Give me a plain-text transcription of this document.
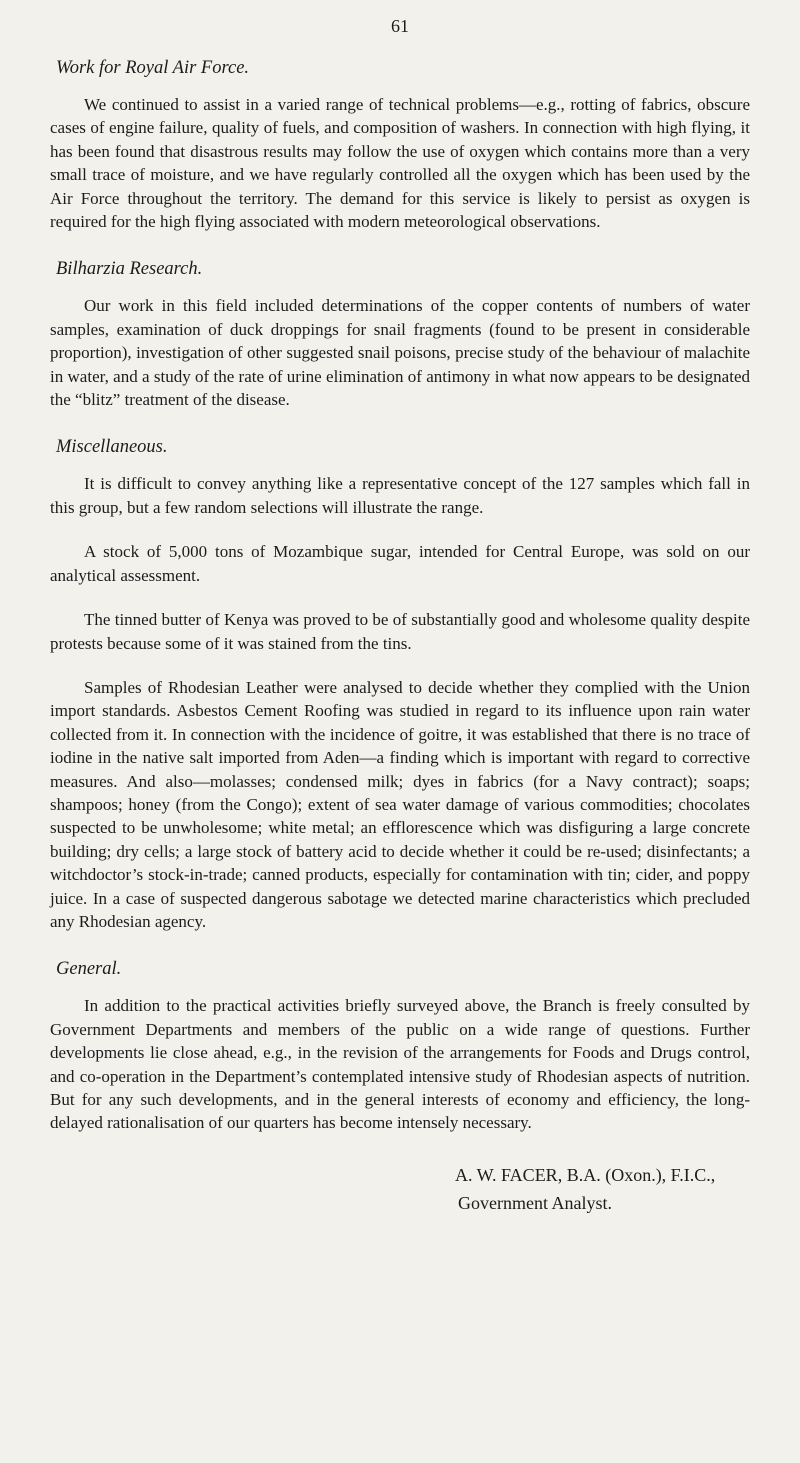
61
Work for Royal Air Force.

We continued to assist in a varied range of technical problems—e.g., rotting of fabrics, obscure cases of engine failure, quality of fuels, and composition of washers. In connection with high flying, it has been found that disastrous results may follow the use of oxygen which contains more than a very small trace of moisture, and we have regularly controlled all the oxygen which has been used by the Air Force throughout the territory. The demand for this service is likely to persist as oxygen is required for the high flying associated with modern meteorological observations.

Bilharzia Research.

Our work in this field included determinations of the copper contents of numbers of water samples, examination of duck droppings for snail fragments (found to be present in considerable proportion), investigation of other suggested snail poisons, precise study of the behaviour of malachite in water, and a study of the rate of urine elimination of antimony in what now appears to be designated the “blitz” treatment of the disease.

Miscellaneous.

It is difficult to convey anything like a representative concept of the 127 samples which fall in this group, but a few random selections will illustrate the range.

A stock of 5,000 tons of Mozambique sugar, intended for Central Europe, was sold on our analytical assessment.

The tinned butter of Kenya was proved to be of substantially good and wholesome quality despite protests because some of it was stained from the tins.

Samples of Rhodesian Leather were analysed to decide whether they complied with the Union import standards. Asbestos Cement Roofing was studied in regard to its influence upon rain water collected from it. In connection with the incidence of goitre, it was established that there is no trace of iodine in the native salt imported from Aden—a finding which is important with regard to corrective measures. And also—molasses; condensed milk; dyes in fabrics (for a Navy contract); soaps; shampoos; honey (from the Congo); extent of sea water damage of various commodities; chocolates suspected to be unwholesome; white metal; an efflorescence which was disfiguring a large concrete building; dry cells; a large stock of battery acid to decide whether it could be re-used; disinfectants; a witchdoctor’s stock-in-trade; canned products, especially for contamination with tin; cider, and poppy juice. In a case of suspected dangerous sabotage we detected marine characteristics which precluded any Rhodesian agency.

General.

In addition to the practical activities briefly surveyed above, the Branch is freely consulted by Government Departments and members of the public on a wide range of questions. Further developments lie close ahead, e.g., in the revision of the arrangements for Foods and Drugs control, and co-operation in the Department’s contemplated intensive study of Rhodesian aspects of nutrition. But for any such developments, and in the general interests of economy and efficiency, the long-delayed rationalisation of our quarters has become intensely necessary.

A. W. FACER, B.A. (Oxon.), F.I.C.,
Government Analyst.
